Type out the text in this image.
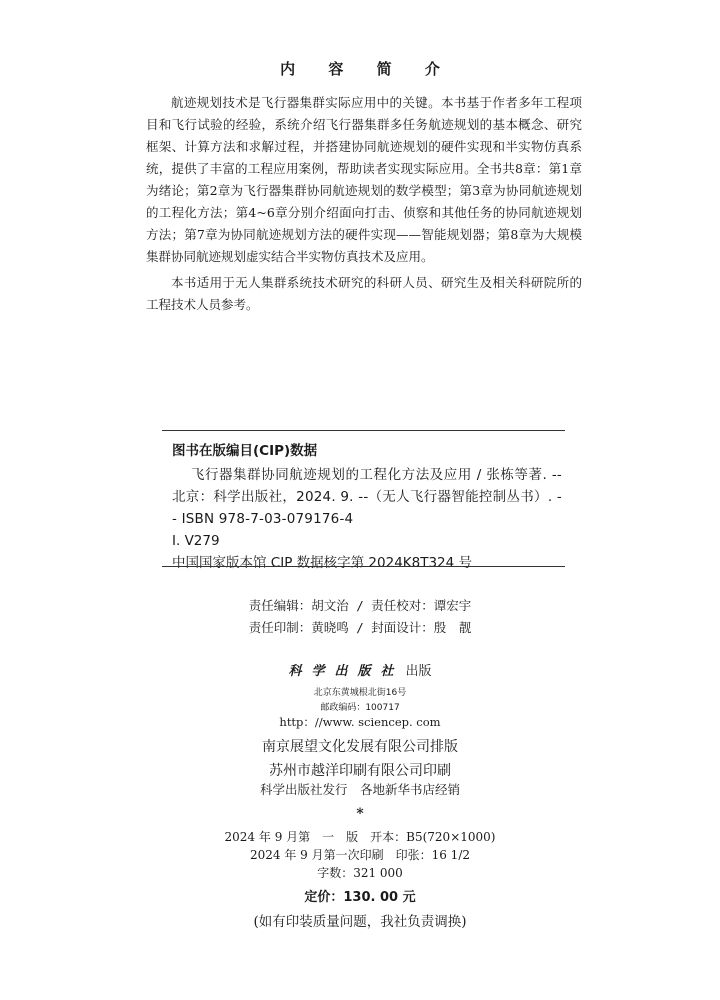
内 容 简 介

航迹规划技术是飞行器集群实际应用中的关键。本书基于作者多年工程项目和飞行试验的经验，系统介绍飞行器集群多任务航迹规划的基本概念、研究框架、计算方法和求解过程，并搭建协同航迹规划的硬件实现和半实物仿真系统，提供了丰富的工程应用案例，帮助读者实现实际应用。全书共8章：第1章为绪论；第2章为飞行器集群协同航迹规划的数学模型；第3章为协同航迹规划的工程化方法；第4~6章分别介绍面向打击、侦察和其他任务的协同航迹规划方法；第7章为协同航迹规划方法的硬件实现——智能规划器；第8章为大规模集群协同航迹规划虚实结合半实物仿真技术及应用。

本书适用于无人集群系统技术研究的科研人员、研究生及相关科研院所的工程技术人员参考。

图书在版编目(CIP)数据
飞行器集群协同航迹规划的工程化方法及应用 / 张栋等著. -- 北京：科学出版社，2024. 9. --（无人飞行器智能控制丛书）. -- ISBN 978-7-03-079176-4
Ⅰ. V279
中国国家版本馆 CIP 数据核字第 2024K8T324 号
责任编辑：胡文治 / 责任校对：谭宏宇
责任印制：黄晓鸣 / 封面设计：殷　靓
科学出版社 出版
北京东黄城根北街16号
邮政编码：100717
http：//www. sciencep. com
南京展望文化发展有限公司排版
苏州市越洋印刷有限公司印刷
科学出版社发行　各地新华书店经销
*
2024 年 9 月第　一　版　开本：B5(720×1000)
2024 年 9 月第一次印刷　印张：16 1/2
字数：321 000
定价：130. 00 元
(如有印装质量问题，我社负责调换)
